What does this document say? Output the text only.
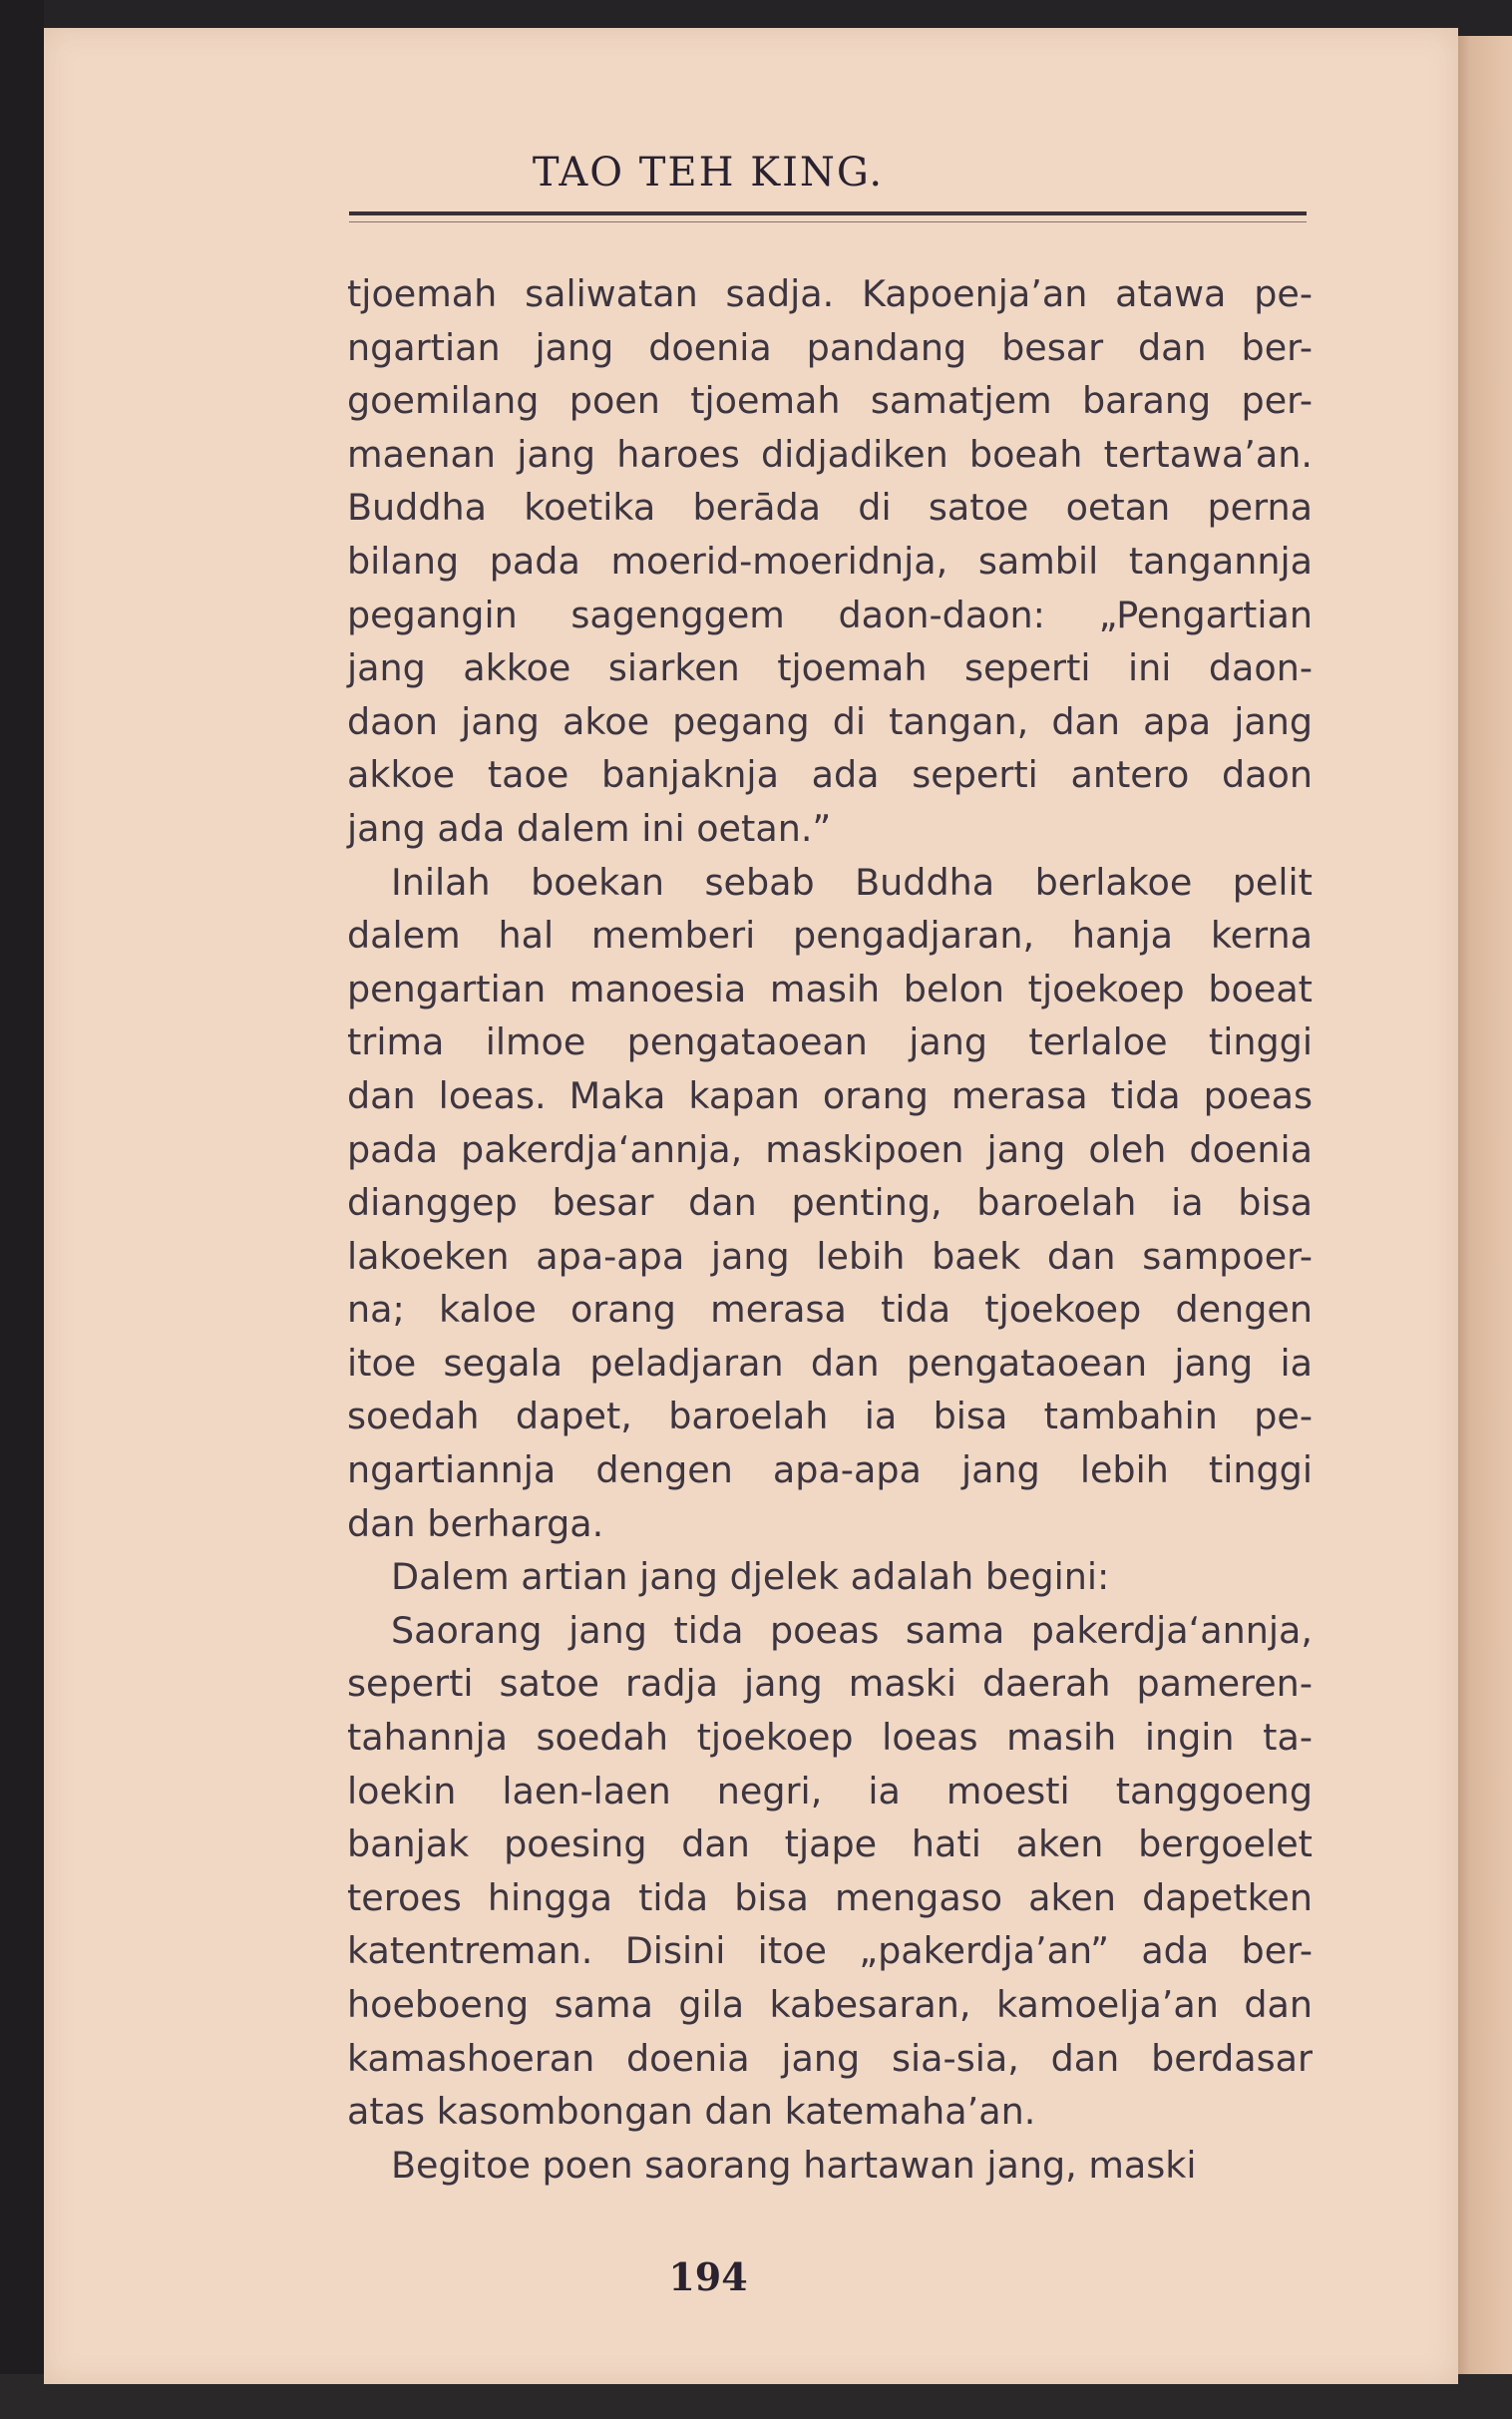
TAO TEH KING.
tjoemah saliwatan sadja. Kapoenja’an atawa pe-
ngartian jang doenia pandang besar dan ber-
goemilang poen tjoemah samatjem barang per-
maenan jang haroes didjadiken boeah tertawa’an.
Buddha koetika berāda di satoe oetan perna
bilang pada moerid-moeridnja, sambil tangannja
pegangin sagenggem daon-daon: „Pengartian
jang akkoe siarken tjoemah seperti ini daon-
daon jang akoe pegang di tangan, dan apa jang
akkoe taoe banjaknja ada seperti antero daon
jang ada dalem ini oetan.”
Inilah boekan sebab Buddha berlakoe pelit
dalem hal memberi pengadjaran, hanja kerna
pengartian manoesia masih belon tjoekoep boeat
trima ilmoe pengataoean jang terlaloe tinggi
dan loeas. Maka kapan orang merasa tida poeas
pada pakerdja‘annja, maskipoen jang oleh doenia
dianggep besar dan penting, baroelah ia bisa
lakoeken apa-apa jang lebih baek dan sampoer-
na; kaloe orang merasa tida tjoekoep dengen
itoe segala peladjaran dan pengataoean jang ia
soedah dapet, baroelah ia bisa tambahin pe-
ngartiannja dengen apa-apa jang lebih tinggi
dan berharga.
Dalem artian jang djelek adalah begini:
Saorang jang tida poeas sama pakerdja‘annja,
seperti satoe radja jang maski daerah pameren-
tahannja soedah tjoekoep loeas masih ingin ta-
loekin laen-laen negri, ia moesti tanggoeng
banjak poesing dan tjape hati aken bergoelet
teroes hingga tida bisa mengaso aken dapetken
katentreman. Disini itoe „pakerdja’an” ada ber-
hoeboeng sama gila kabesaran, kamoelja’an dan
kamashoeran doenia jang sia-sia, dan berdasar
atas kasombongan dan katemaha’an.
Begitoe poen saorang hartawan jang, maski
194
